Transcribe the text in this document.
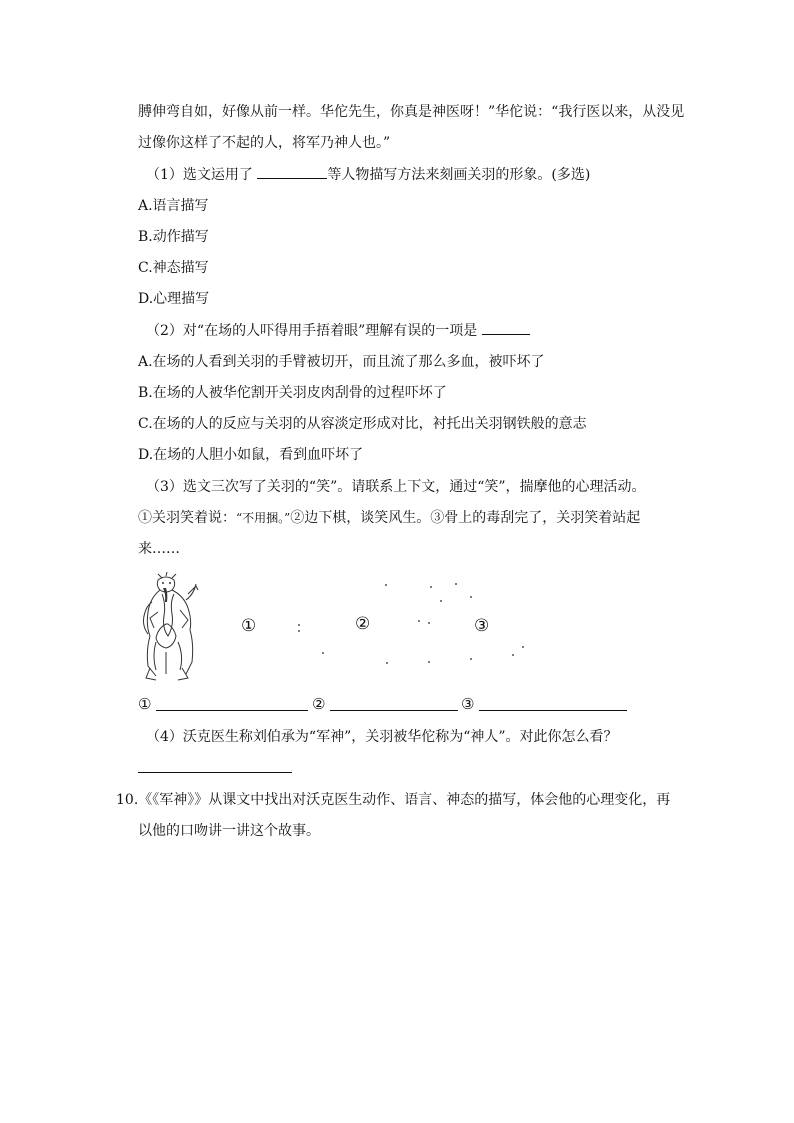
膊伸弯自如，好像从前一样。华佗先生，你真是神医呀！”华佗说：“我行医以来，从没见
过像你这样了不起的人，将军乃神人也。”
（1）选文运用了	等人物描写方法来刻画关羽的形象。(多选)
A.语言描写
B.动作描写
C.神态描写
D.心理描写
（2）对“在场的人吓得用手捂着眼”理解有误的一项是
A.在场的人看到关羽的手臂被切开，而且流了那么多血，被吓坏了
B.在场的人被华佗割开关羽皮肉刮骨的过程吓坏了
C.在场的人的反应与关羽的从容淡定形成对比，衬托出关羽钢铁般的意志
D.在场的人胆小如鼠，看到血吓坏了
（3）选文三次写了关羽的“笑”。请联系上下文，通过“笑”，揣摩他的心理活动。
①关羽笑着说：“不用捆。”②边下棋，谈笑风生。③骨上的毒刮完了，关羽笑着站起
来……
①	②	③
①	②	③
（4）沃克医生称刘伯承为“军神”，关羽被华佗称为“神人”。对此你怎么看？
10.《《军神》》从课文中找出对沃克医生动作、语言、神态的描写，体会他的心理变化，再
以他的口吻讲一讲这个故事。
